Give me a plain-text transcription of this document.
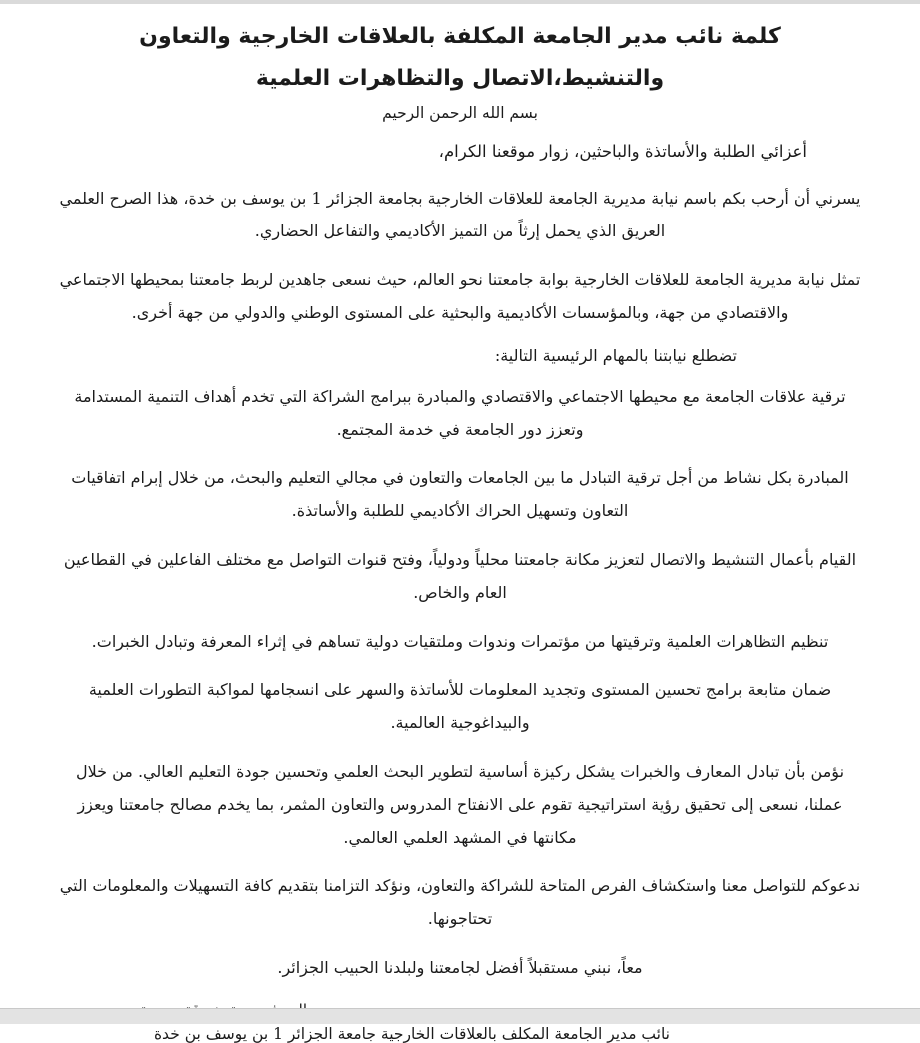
كلمة نائب مدير الجامعة المكلفة بالعلاقات الخارجية والتعاون
والتنشيط،الاتصال والتظاهرات العلمية

بسم الله الرحمن الرحيم

أعزائي الطلبة والأساتذة والباحثين، زوار موقعنا الكرام،

يسرني أن أرحب بكم باسم نيابة مديرية الجامعة للعلاقات الخارجية بجامعة الجزائر 1 بن يوسف بن خدة، هذا الصرح العلمي العريق الذي يحمل إرثاً من التميز الأكاديمي والتفاعل الحضاري.

تمثل نيابة مديرية الجامعة للعلاقات الخارجية بوابة جامعتنا نحو العالم، حيث نسعى جاهدين لربط جامعتنا بمحيطها الاجتماعي والاقتصادي من جهة، وبالمؤسسات الأكاديمية والبحثية على المستوى الوطني والدولي من جهة أخرى.

تضطلع نيابتنا بالمهام الرئيسية التالية:

ترقية علاقات الجامعة مع محيطها الاجتماعي والاقتصادي والمبادرة ببرامج الشراكة التي تخدم أهداف التنمية المستدامة وتعزز دور الجامعة في خدمة المجتمع.

المبادرة بكل نشاط من أجل ترقية التبادل ما بين الجامعات والتعاون في مجالي التعليم والبحث، من خلال إبرام اتفاقيات التعاون وتسهيل الحراك الأكاديمي للطلبة والأساتذة.

القيام بأعمال التنشيط والاتصال لتعزيز مكانة جامعتنا محلياً ودولياً، وفتح قنوات التواصل مع مختلف الفاعلين في القطاعين العام والخاص.

تنظيم التظاهرات العلمية وترقيتها من مؤتمرات وندوات وملتقيات دولية تساهم في إثراء المعرفة وتبادل الخبرات.

ضمان متابعة برامج تحسين المستوى وتجديد المعلومات للأساتذة والسهر على انسجامها لمواكبة التطورات العلمية والبيداغوجية العالمية.

نؤمن بأن تبادل المعارف والخبرات يشكل ركيزة أساسية لتطوير البحث العلمي وتحسين جودة التعليم العالي. من خلال عملنا، نسعى إلى تحقيق رؤية استراتيجية تقوم على الانفتاح المدروس والتعاون المثمر، بما يخدم مصالح جامعتنا ويعزز مكانتها في المشهد العلمي العالمي.

ندعوكم للتواصل معنا واستكشاف الفرص المتاحة للشراكة والتعاون، ونؤكد التزامنا بتقديم كافة التسهيلات والمعلومات التي تحتاجونها.

معاً، نبني مستقبلاً أفضل لجامعتنا ولبلدنا الحبيب الجزائر.

نائب مدير الجامعة المكلف بالعلاقات الخارجية جامعة الجزائر 1 بن يوسف بن خدة
